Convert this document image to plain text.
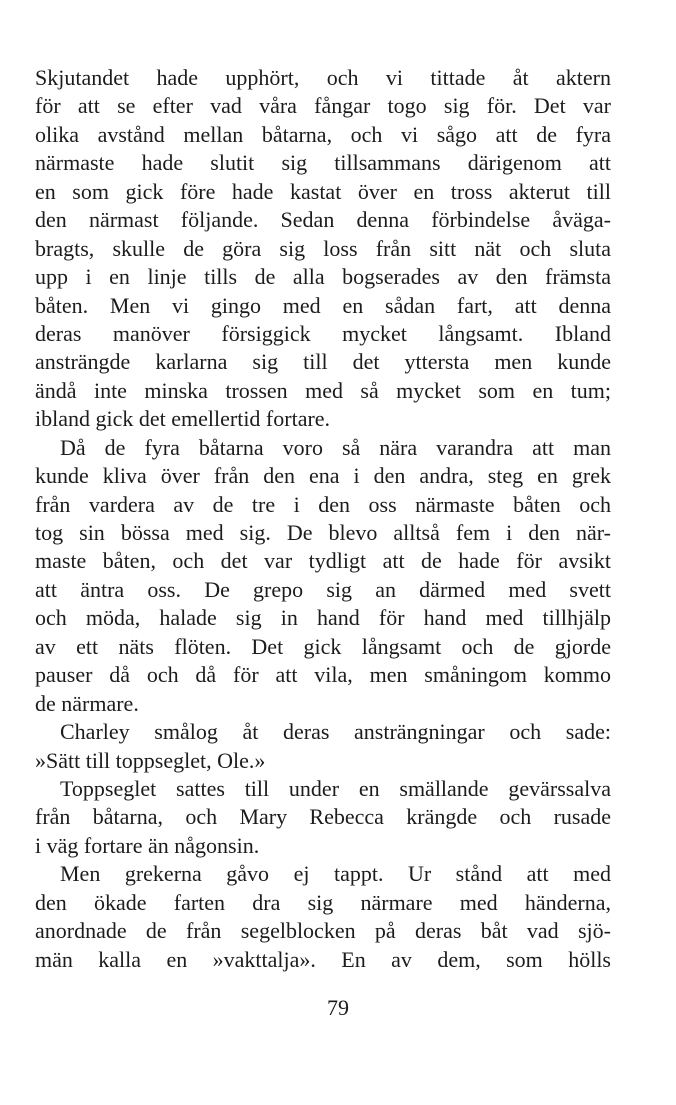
Skjutandet hade upphört, och vi tittade åt aktern
för att se efter vad våra fångar togo sig för. Det var
olika avstånd mellan båtarna, och vi sågo att de fyra
närmaste hade slutit sig tillsammans därigenom att
en som gick före hade kastat över en tross akterut till
den närmast följande. Sedan denna förbindelse åväga-
bragts, skulle de göra sig loss från sitt nät och sluta
upp i en linje tills de alla bogserades av den främsta
båten. Men vi gingo med en sådan fart, att denna
deras manöver försiggick mycket långsamt. Ibland
ansträngde karlarna sig till det yttersta men kunde
ändå inte minska trossen med så mycket som en tum;
ibland gick det emellertid fortare.
Då de fyra båtarna voro så nära varandra att man
kunde kliva över från den ena i den andra, steg en grek
från vardera av de tre i den oss närmaste båten och
tog sin bössa med sig. De blevo alltså fem i den när-
maste båten, och det var tydligt att de hade för avsikt
att äntra oss. De grepo sig an därmed med svett
och möda, halade sig in hand för hand med tillhjälp
av ett näts flöten. Det gick långsamt och de gjorde
pauser då och då för att vila, men småningom kommo
de närmare.
Charley smålog åt deras ansträngningar och sade:
»Sätt till toppseglet, Ole.»
Toppseglet sattes till under en smällande gevärssalva
från båtarna, och Mary Rebecca krängde och rusade
i väg fortare än någonsin.
Men grekerna gåvo ej tappt. Ur stånd att med
den ökade farten dra sig närmare med händerna,
anordnade de från segelblocken på deras båt vad sjö-
män kalla en »vakttalja». En av dem, som hölls
79
